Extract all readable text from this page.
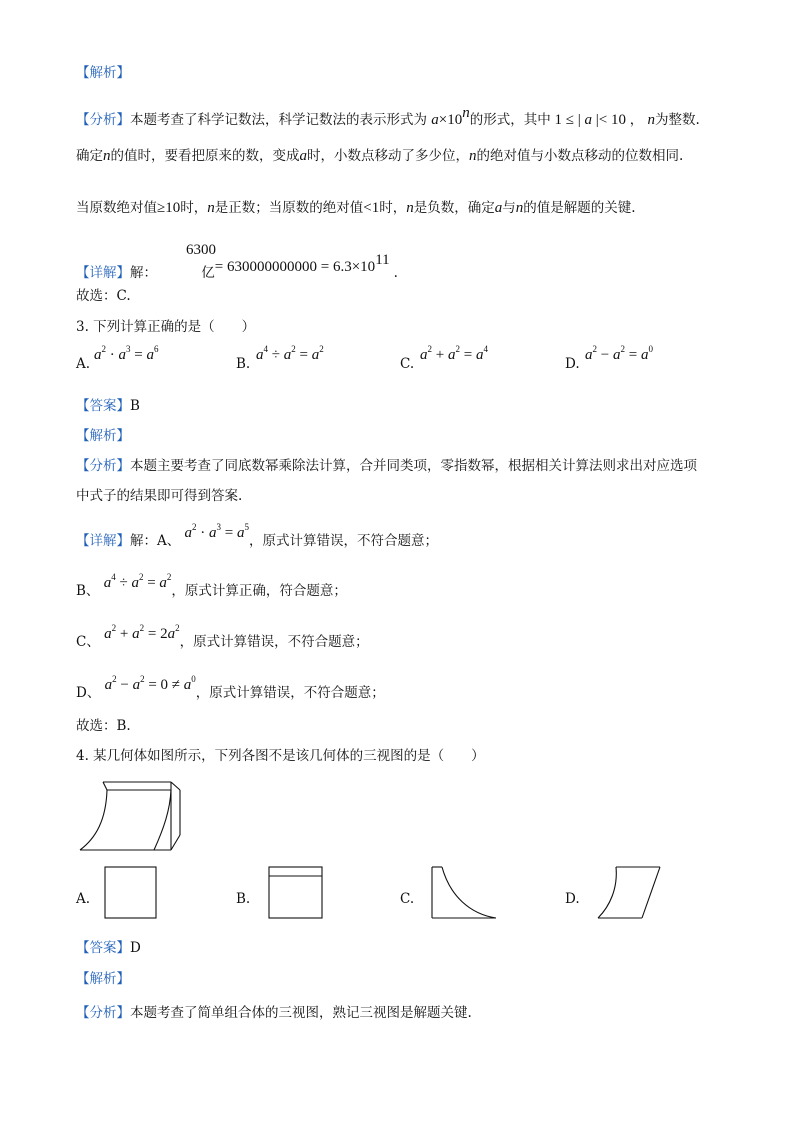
【解析】
【分析】本题考查了科学记数法，科学记数法的表示形式为 $a\times 10^n$的形式，其中 1 ≤ | a |< 10 ， n为整数.
确定n的值时，要看把原来的数，变成a时，小数点移动了多少位，n的绝对值与小数点移动的位数相同.
当原数绝对值≥10时，n是正数；当原数的绝对值<1时，n是负数，确定a与n的值是解题的关键.
6300
【详解】解：	亿= $630000000000 = 6.3\times 10^{11}$.
故选：C.
3. 下列计算正确的是（　　）
A.
$a^2 \cdot a^3 = a^6$
B.
$a^4 \div a^2 = a^2$
C.
$a^2 + a^2 = a^4$
D.
$a^2 - a^2 = a^0$
【答案】B
【解析】
【分析】本题主要考查了同底数幂乘除法计算，合并同类项，零指数幂，根据相关计算法则求出对应选项
中式子的结果即可得到答案.
【详解】解：A、 $a^2 \cdot a^3 = a^5$，原式计算错误，不符合题意；
B、 $a^4 \div a^2 = a^2$，原式计算正确，符合题意；
C、 $a^2 + a^2 = 2a^2$，原式计算错误，不符合题意；
D、 $a^2 - a^2 = 0 \ne a^0$，原式计算错误，不符合题意；
故选：B.
4. 某几何体如图所示，下列各图不是该几何体的三视图的是（　　）
A.	B.	C.	D.
【答案】D
【解析】
【分析】本题考查了简单组合体的三视图，熟记三视图是解题关键.
